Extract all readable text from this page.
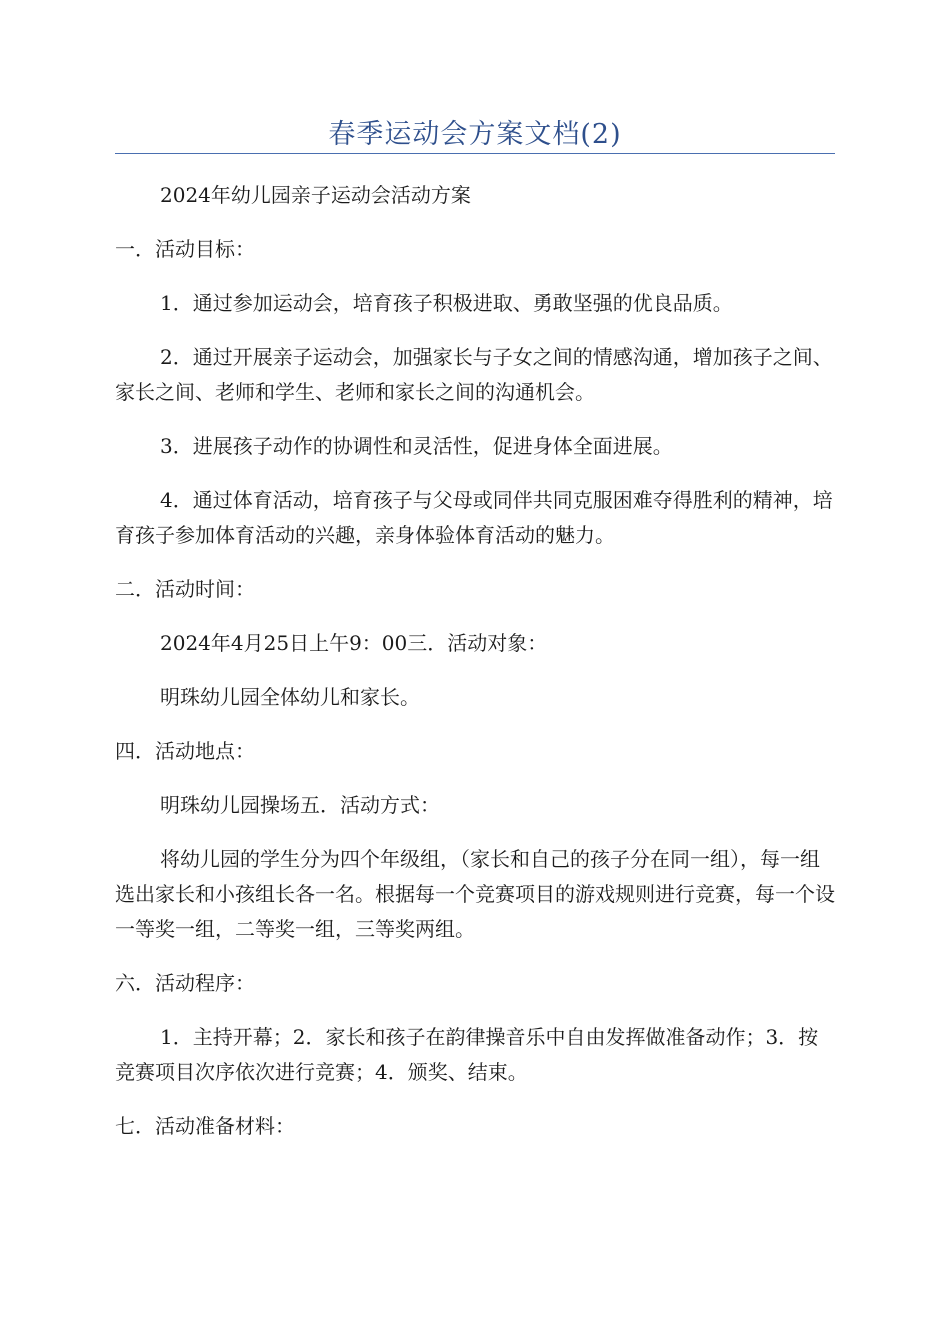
春季运动会方案文档(2)

2024年幼儿园亲子运动会活动方案

一．活动目标：

1．通过参加运动会，培育孩子积极进取、勇敢坚强的优良品质。

2．通过开展亲子运动会，加强家长与子女之间的情感沟通，增加孩子之间、家长之间、老师和学生、老师和家长之间的沟通机会。

3．进展孩子动作的协调性和灵活性，促进身体全面进展。

4．通过体育活动，培育孩子与父母或同伴共同克服困难夺得胜利的精神，培育孩子参加体育活动的兴趣，亲身体验体育活动的魅力。

二．活动时间：

2024年4月25日上午9：00三．活动对象：

明珠幼儿园全体幼儿和家长。

四．活动地点：

明珠幼儿园操场五．活动方式：

将幼儿园的学生分为四个年级组，（家长和自己的孩子分在同一组），每一组选出家长和小孩组长各一名。根据每一个竞赛项目的游戏规则进行竞赛，每一个设一等奖一组，二等奖一组，三等奖两组。

六．活动程序：

1．主持开幕；2．家长和孩子在韵律操音乐中自由发挥做准备动作；3．按竞赛项目次序依次进行竞赛；4．颁奖、结束。

七．活动准备材料：
